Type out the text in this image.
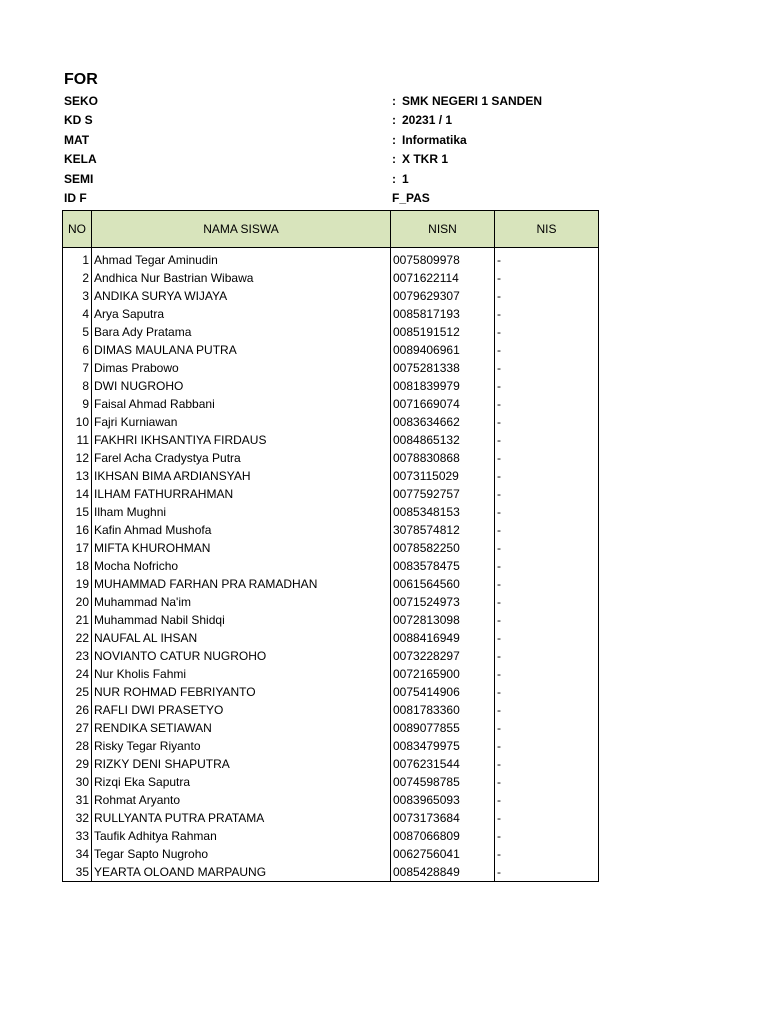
FOR
SEKO	: SMK NEGERI 1 SANDEN
KD S	: 20231 / 1
MAT	: Informatika
KELA	: X TKR 1
SEMI	: 1
ID F	F_PAS
NO	NAMA SISWA	NISN	NIS

1	Ahmad Tegar Aminudin	0075809978	-
2	Andhica Nur Bastrian Wibawa	0071622114	-
3	ANDIKA SURYA WIJAYA	0079629307	-
4	Arya Saputra	0085817193	-
5	Bara Ady Pratama	0085191512	-
6	DIMAS MAULANA PUTRA	0089406961	-
7	Dimas Prabowo	0075281338	-
8	DWI NUGROHO	0081839979	-
9	Faisal Ahmad Rabbani	0071669074	-
10	Fajri Kurniawan	0083634662	-
11	FAKHRI IKHSANTIYA FIRDAUS	0084865132	-
12	Farel Acha Cradystya Putra	0078830868	-
13	IKHSAN BIMA ARDIANSYAH	0073115029	-
14	ILHAM FATHURRAHMAN	0077592757	-
15	Ilham Mughni	0085348153	-
16	Kafin Ahmad Mushofa	3078574812	-
17	MIFTA KHUROHMAN	0078582250	-
18	Mocha Nofricho	0083578475	-
19	MUHAMMAD FARHAN PRA RAMADHAN	0061564560	-
20	Muhammad Na'im	0071524973	-
21	Muhammad Nabil Shidqi	0072813098	-
22	NAUFAL AL IHSAN	0088416949	-
23	NOVIANTO CATUR NUGROHO	0073228297	-
24	Nur Kholis Fahmi	0072165900	-
25	NUR ROHMAD FEBRIYANTO	0075414906	-
26	RAFLI DWI PRASETYO	0081783360	-
27	RENDIKA SETIAWAN	0089077855	-
28	Risky Tegar Riyanto	0083479975	-
29	RIZKY DENI SHAPUTRA	0076231544	-
30	Rizqi Eka Saputra	0074598785	-
31	Rohmat Aryanto	0083965093	-
32	RULLYANTA PUTRA PRATAMA	0073173684	-
33	Taufik Adhitya Rahman	0087066809	-
34	Tegar Sapto Nugroho	0062756041	-
35	YEARTA OLOAND MARPAUNG	0085428849	-
